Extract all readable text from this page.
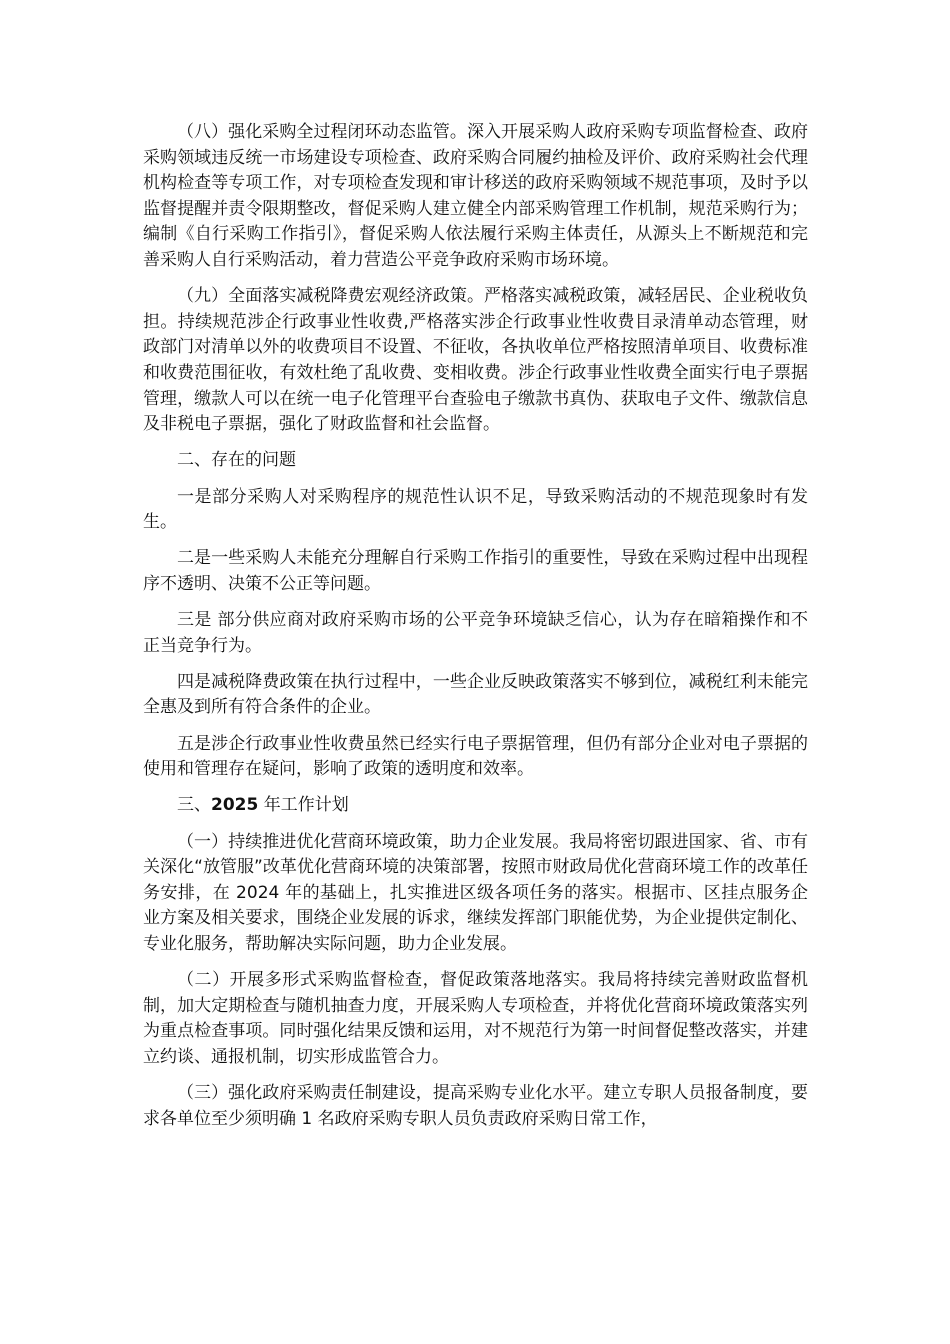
（八）强化采购全过程闭环动态监管。深入开展采购人政府采购专项监督检查、政府采购领域违反统一市场建设专项检查、政府采购合同履约抽检及评价、政府采购社会代理机构检查等专项工作，对专项检查发现和审计移送的政府采购领域不规范事项，及时予以监督提醒并责令限期整改，督促采购人建立健全内部采购管理工作机制，规范采购行为；编制《自行采购工作指引》，督促采购人依法履行采购主体责任，从源头上不断规范和完善采购人自行采购活动，着力营造公平竞争政府采购市场环境。

（九）全面落实减税降费宏观经济政策。严格落实减税政策，减轻居民、企业税收负担。持续规范涉企行政事业性收费,严格落实涉企行政事业性收费目录清单动态管理，财政部门对清单以外的收费项目不设置、不征收，各执收单位严格按照清单项目、收费标准和收费范围征收，有效杜绝了乱收费、变相收费。涉企行政事业性收费全面实行电子票据管理，缴款人可以在统一电子化管理平台查验电子缴款书真伪、获取电子文件、缴款信息及非税电子票据，强化了财政监督和社会监督。

二、存在的问题

一是部分采购人对采购程序的规范性认识不足，导致采购活动的不规范现象时有发生。

二是一些采购人未能充分理解自行采购工作指引的重要性，导致在采购过程中出现程序不透明、决策不公正等问题。

三是 部分供应商对政府采购市场的公平竞争环境缺乏信心，认为存在暗箱操作和不正当竞争行为。

四是减税降费政策在执行过程中，一些企业反映政策落实不够到位，减税红利未能完全惠及到所有符合条件的企业。

五是涉企行政事业性收费虽然已经实行电子票据管理，但仍有部分企业对电子票据的使用和管理存在疑问，影响了政策的透明度和效率。

三、2025 年工作计划

（一）持续推进优化营商环境政策，助力企业发展。我局将密切跟进国家、省、市有关深化“放管服”改革优化营商环境的决策部署，按照市财政局优化营商环境工作的改革任务安排，在 2024 年的基础上，扎实推进区级各项任务的落实。根据市、区挂点服务企业方案及相关要求，围绕企业发展的诉求，继续发挥部门职能优势，为企业提供定制化、专业化服务，帮助解决实际问题，助力企业发展。

（二）开展多形式采购监督检查，督促政策落地落实。我局将持续完善财政监督机制，加大定期检查与随机抽查力度，开展采购人专项检查，并将优化营商环境政策落实列为重点检查事项。同时强化结果反馈和运用，对不规范行为第一时间督促整改落实，并建立约谈、通报机制，切实形成监管合力。

（三）强化政府采购责任制建设，提高采购专业化水平。建立专职人员报备制度，要求各单位至少须明确 1 名政府采购专职人员负责政府采购日常工作，
